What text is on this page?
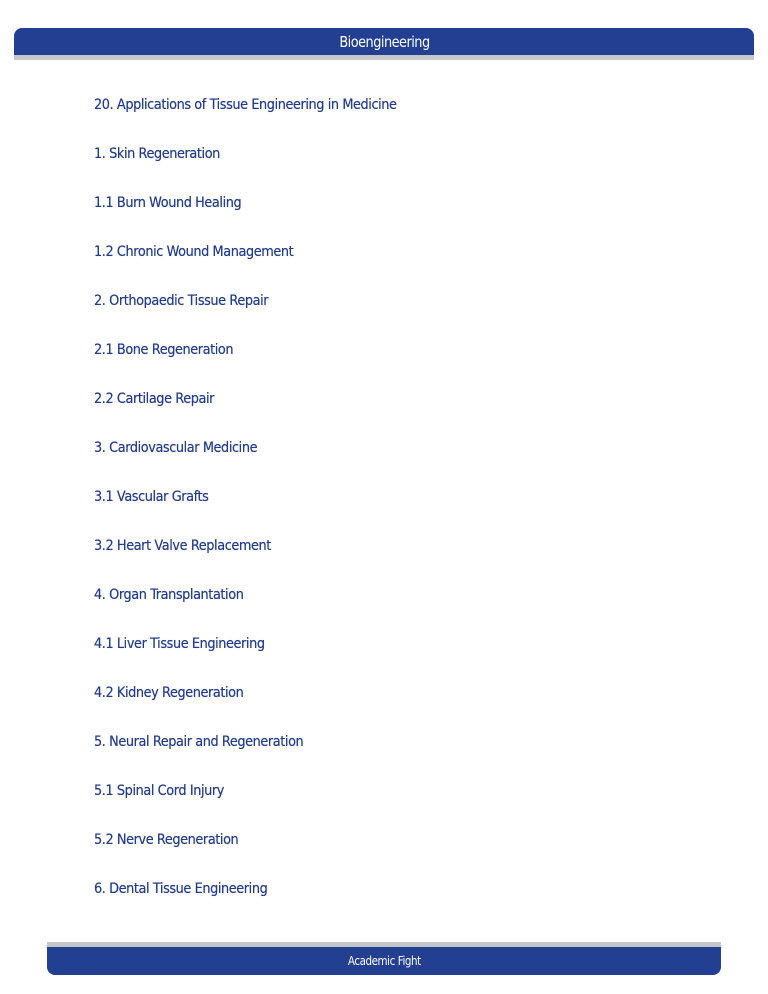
Bioengineering
20. Applications of Tissue Engineering in Medicine
1. Skin Regeneration
1.1 Burn Wound Healing
1.2 Chronic Wound Management
2. Orthopaedic Tissue Repair
2.1 Bone Regeneration
2.2 Cartilage Repair
3. Cardiovascular Medicine
3.1 Vascular Grafts
3.2 Heart Valve Replacement
4. Organ Transplantation
4.1 Liver Tissue Engineering
4.2 Kidney Regeneration
5. Neural Repair and Regeneration
5.1 Spinal Cord Injury
5.2 Nerve Regeneration
6. Dental Tissue Engineering
Academic Fight
